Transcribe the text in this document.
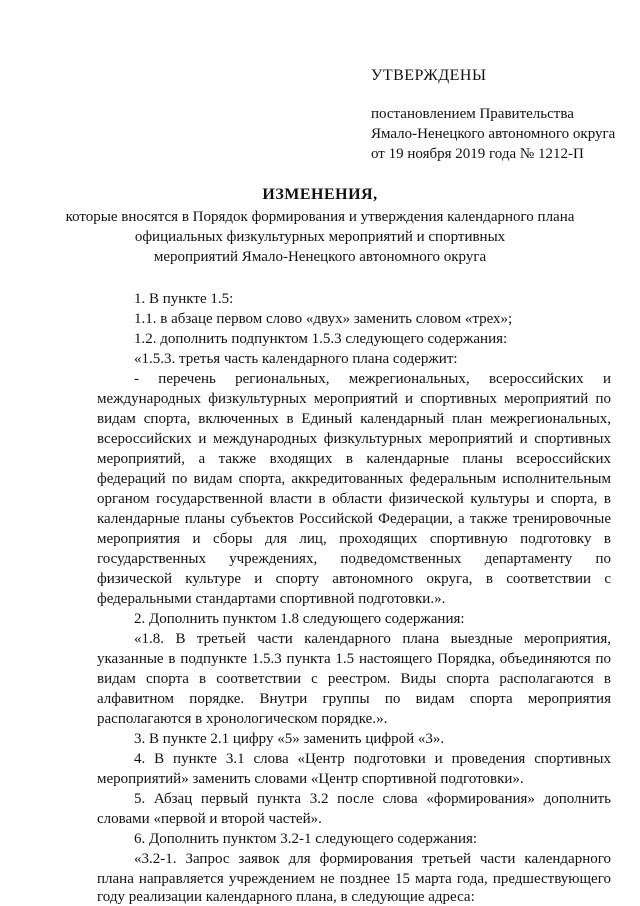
УТВЕРЖДЕНЫ
постановлением Правительства
Ямало-Ненецкого автономного округа
от 19 ноября 2019 года № 1212-П
ИЗМЕНЕНИЯ,
которые вносятся в Порядок формирования и утверждения календарного плана
официальных физкультурных мероприятий и спортивных
мероприятий Ямало-Ненецкого автономного округа
1. В пункте 1.5:
1.1. в абзаце первом слово «двух» заменить словом «трех»;
1.2. дополнить подпунктом 1.5.3 следующего содержания:
«1.5.3. третья часть календарного плана содержит:
- перечень региональных, межрегиональных, всероссийских и
международных физкультурных мероприятий и спортивных мероприятий по
видам спорта, включенных в Единый календарный план межрегиональных,
всероссийских и международных физкультурных мероприятий и спортивных
мероприятий, а также входящих в календарные планы всероссийских
федераций по видам спорта, аккредитованных федеральным исполнительным
органом государственной власти в области физической культуры и спорта, в
календарные планы субъектов Российской Федерации, а также тренировочные
мероприятия и сборы для лиц, проходящих спортивную подготовку в
государственных учреждениях, подведомственных департаменту по
физической культуре и спорту автономного округа, в соответствии с
федеральными стандартами спортивной подготовки.».
2. Дополнить пунктом 1.8 следующего содержания:
«1.8. В третьей части календарного плана выездные мероприятия,
указанные в подпункте 1.5.3 пункта 1.5 настоящего Порядка, объединяются по
видам спорта в соответствии с реестром. Виды спорта располагаются в
алфавитном порядке. Внутри группы по видам спорта мероприятия
располагаются в хронологическом порядке.».
3. В пункте 2.1 цифру «5» заменить цифрой «3».
4. В пункте 3.1 слова «Центр подготовки и проведения спортивных
мероприятий» заменить словами «Центр спортивной подготовки».
5. Абзац первый пункта 3.2 после слова «формирования» дополнить
словами «первой и второй частей».
6. Дополнить пунктом 3.2-1 следующего содержания:
«3.2-1. Запрос заявок для формирования третьей части календарного
плана направляется учреждением не позднее 15 марта года, предшествующего
году реализации календарного плана, в следующие адреса:
